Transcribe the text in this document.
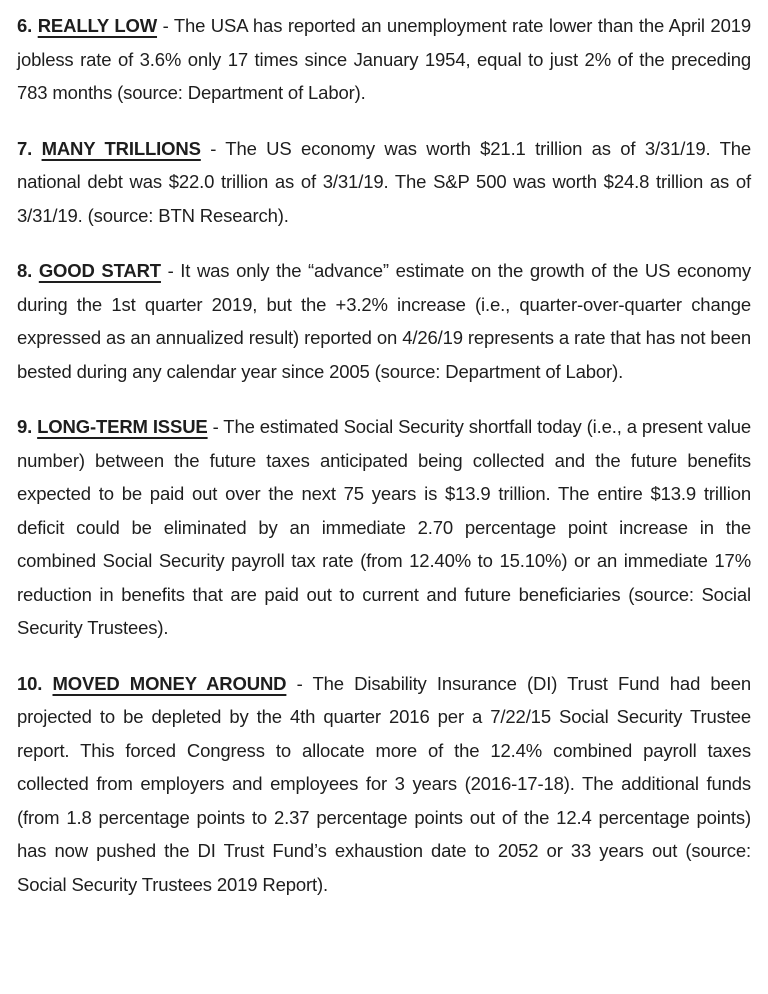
6. REALLY LOW - The USA has reported an unemployment rate lower than the April 2019 jobless rate of 3.6% only 17 times since January 1954, equal to just 2% of the preceding 783 months (source: Department of Labor).

7. MANY TRILLIONS - The US economy was worth $21.1 trillion as of 3/31/19. The national debt was $22.0 trillion as of 3/31/19. The S&P 500 was worth $24.8 trillion as of 3/31/19. (source: BTN Research).

8. GOOD START - It was only the “advance” estimate on the growth of the US economy during the 1st quarter 2019, but the +3.2% increase (i.e., quarter-over-quarter change expressed as an annualized result) reported on 4/26/19 represents a rate that has not been bested during any calendar year since 2005 (source: Department of Labor).

9. LONG-TERM ISSUE - The estimated Social Security shortfall today (i.e., a present value number) between the future taxes anticipated being collected and the future benefits expected to be paid out over the next 75 years is $13.9 trillion. The entire $13.9 trillion deficit could be eliminated by an immediate 2.70 percentage point increase in the combined Social Security payroll tax rate (from 12.40% to 15.10%) or an immediate 17% reduction in benefits that are paid out to current and future beneficiaries (source: Social Security Trustees).

10. MOVED MONEY AROUND - The Disability Insurance (DI) Trust Fund had been projected to be depleted by the 4th quarter 2016 per a 7/22/15 Social Security Trustee report. This forced Congress to allocate more of the 12.4% combined payroll taxes collected from employers and employees for 3 years (2016-17-18). The additional funds (from 1.8 percentage points to 2.37 percentage points out of the 12.4 percentage points) has now pushed the DI Trust Fund’s exhaustion date to 2052 or 33 years out (source: Social Security Trustees 2019 Report).
